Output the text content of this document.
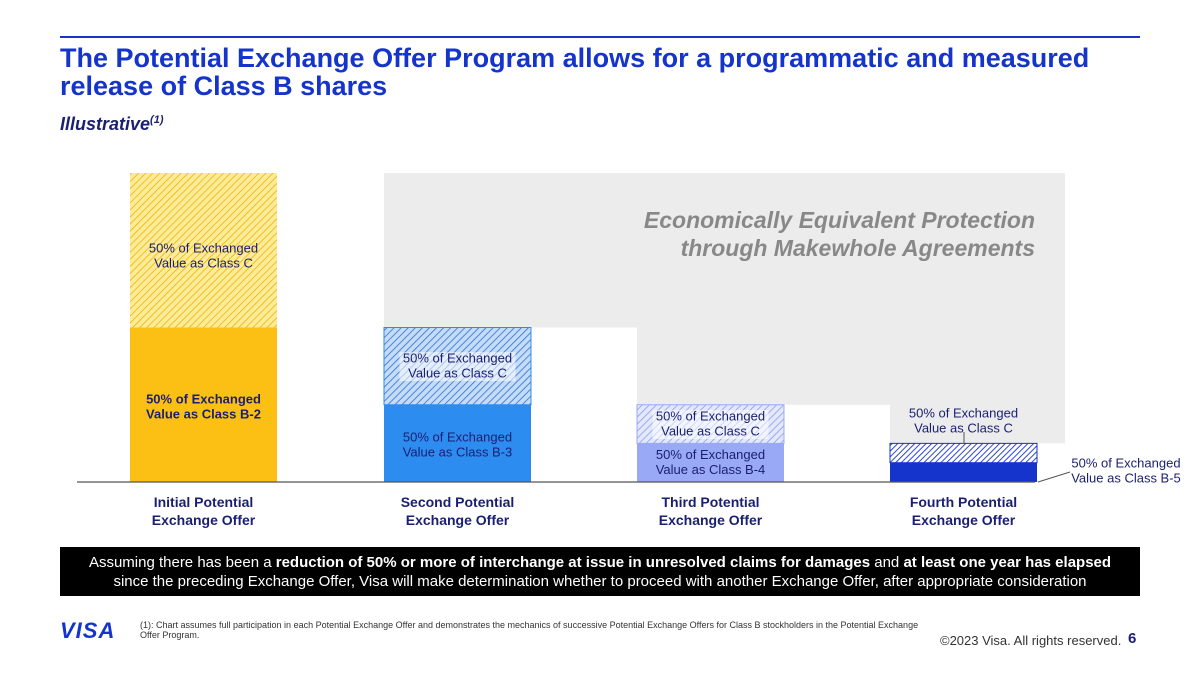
The Potential Exchange Offer Program allows for a programmatic and measured release of Class B shares
Illustrative$^{(1)}$
Economically Equivalent Protection
through Makewhole Agreements
50% of Exchanged Value as Class B-2
50% of Exchanged Value as Class C
50% of Exchanged Value as Class B-3
50% of Exchanged Value as Class C
50% of Exchanged Value as Class B-4
50% of Exchanged Value as Class C
50% of Exchanged Value as Class C
50% of Exchanged Value as Class B-5
Initial Potential Exchange Offer
Second Potential Exchange Offer
Third Potential Exchange Offer
Fourth Potential Exchange Offer
Assuming there has been a reduction of 50% or more of interchange at issue in unresolved claims for damages and at least one year has elapsed since the preceding Exchange Offer, Visa will make determination whether to proceed with another Exchange Offer, after appropriate consideration
VISA	(1): Chart assumes full participation in each Potential Exchange Offer and demonstrates the mechanics of successive Potential Exchange Offers for Class B stockholders in the Potential Exchange Offer Program.	©2023 Visa. All rights reserved. 6
